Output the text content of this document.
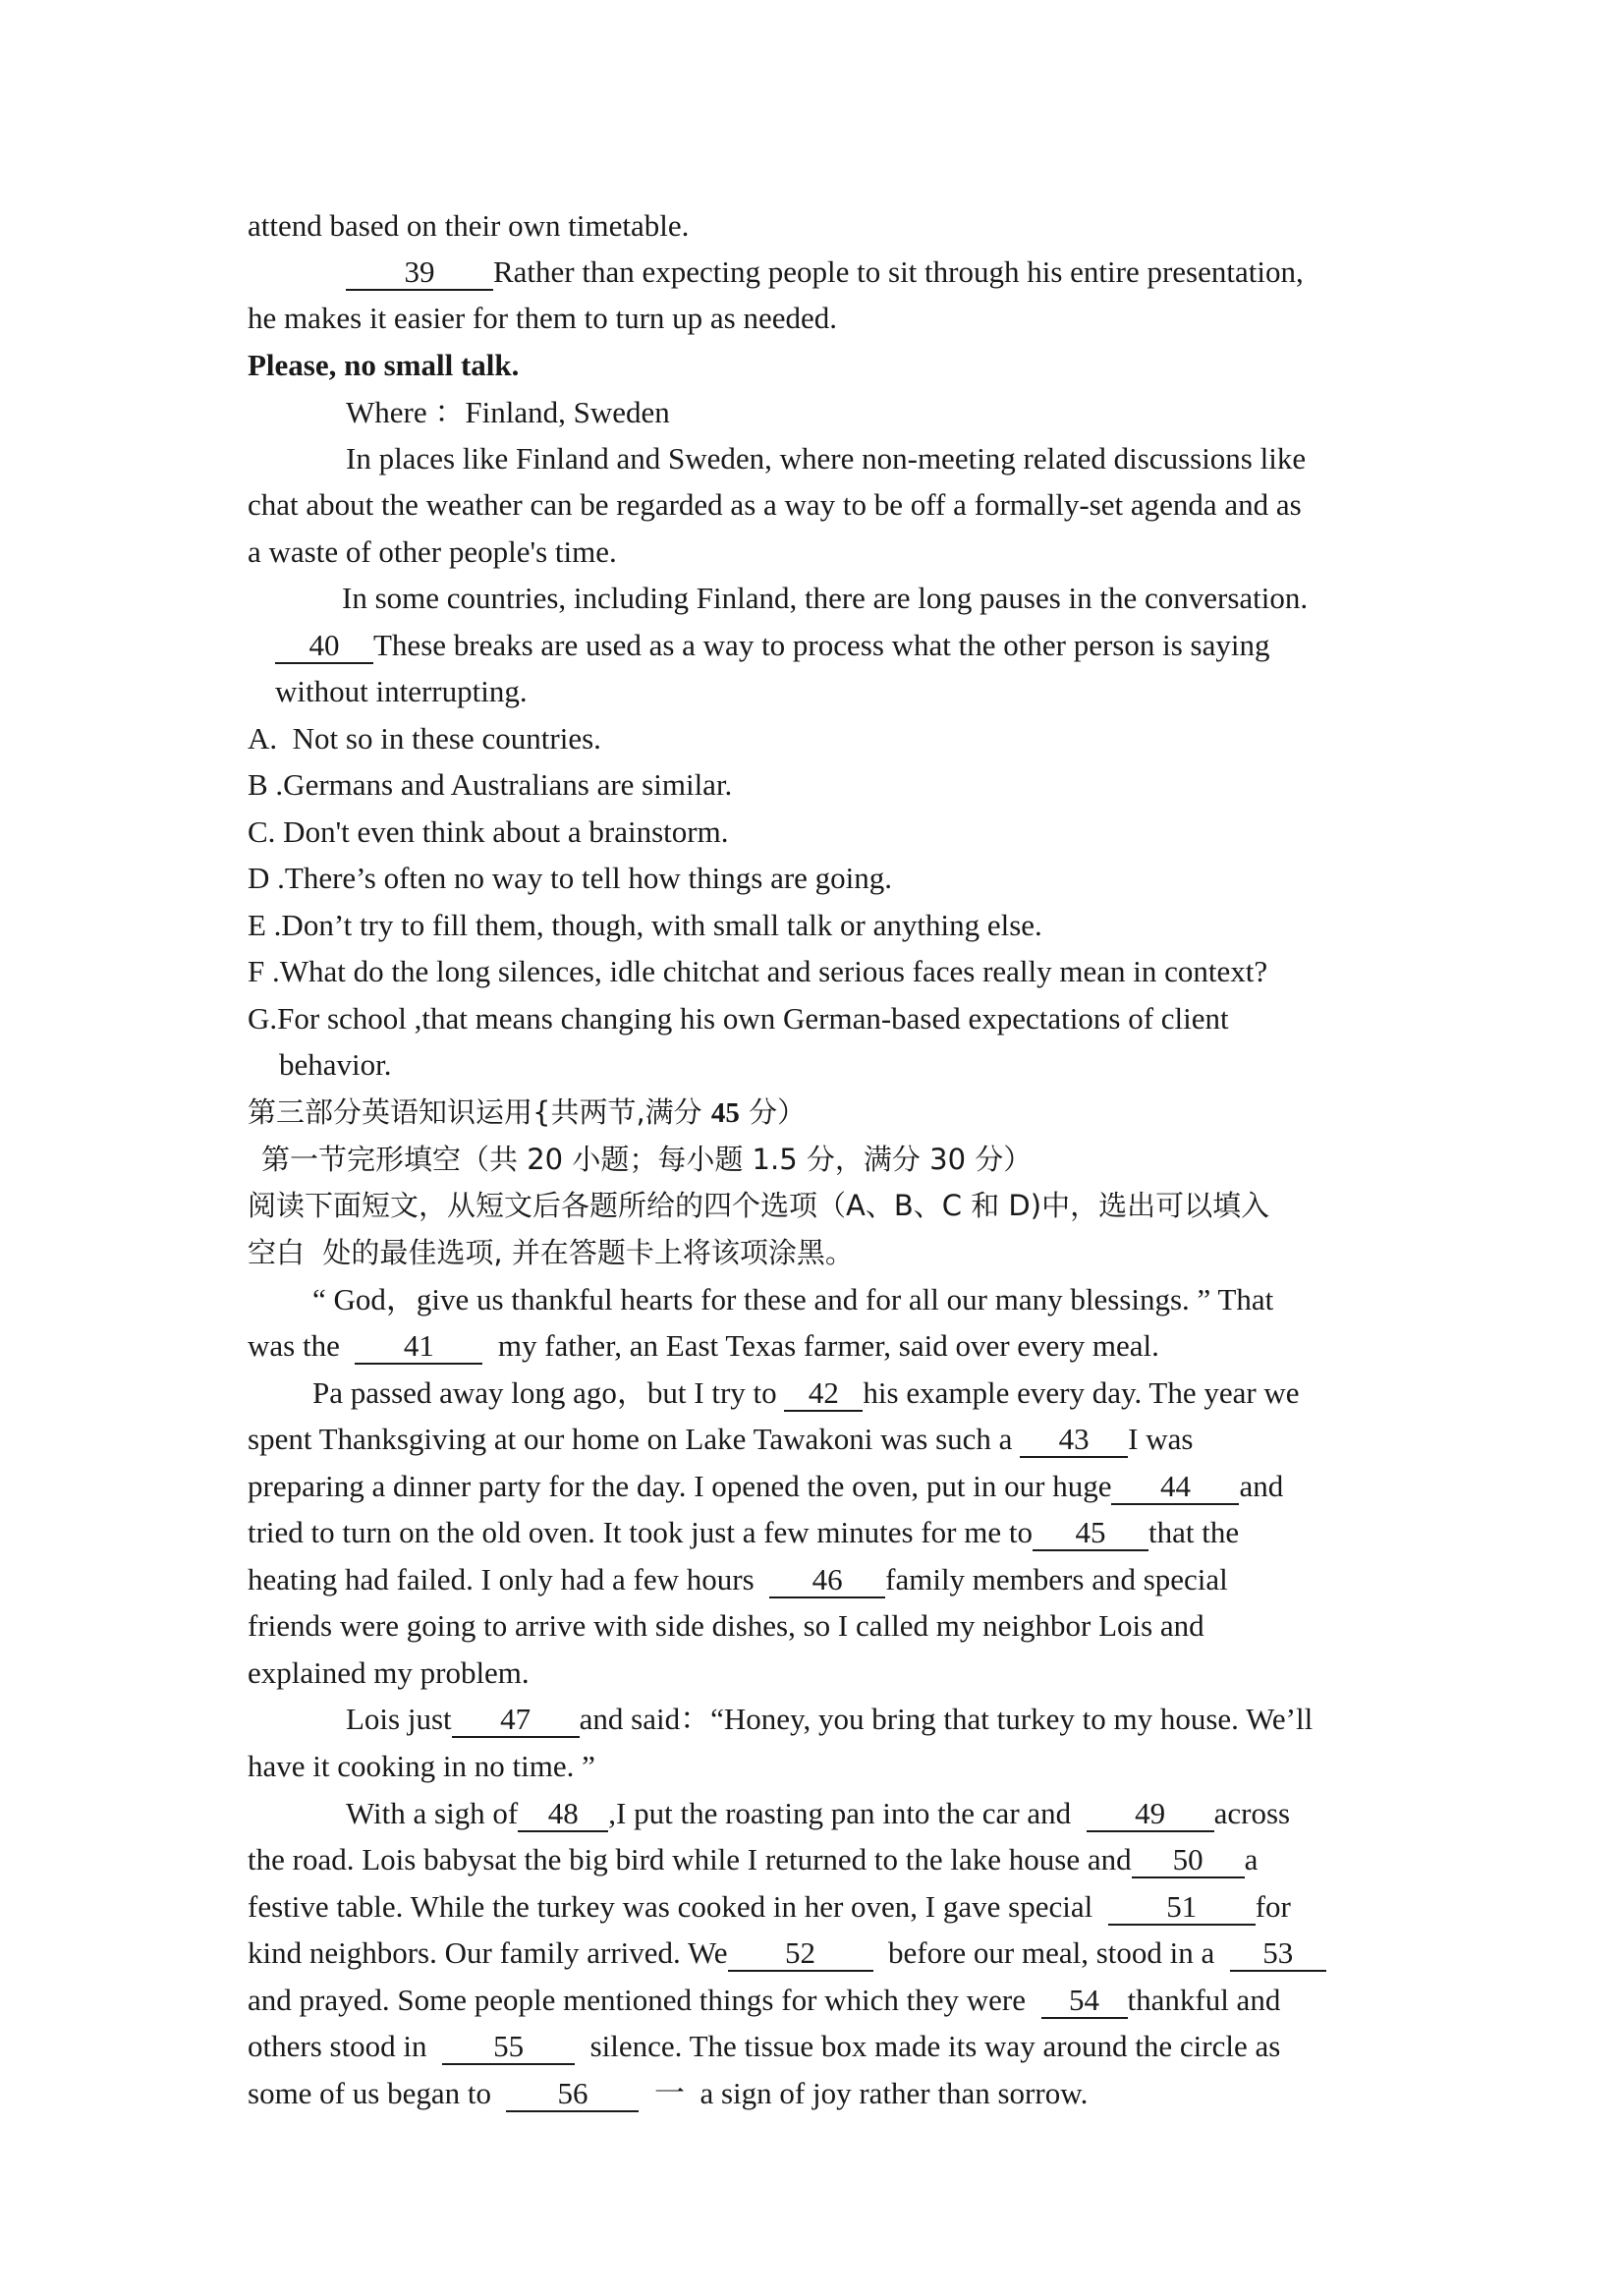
attend based on their own timetable.
39 Rather than expecting people to sit through his entire presentation,
he makes it easier for them to turn up as needed.
Please, no small talk.
Where ：Finland, Sweden
In places like Finland and Sweden, where non-meeting related discussions like
chat about the weather can be regarded as a way to be off a formally-set agenda and as
a waste of other people's time.
In some countries, including Finland, there are long pauses in the conversation.
40 These breaks are used as a way to process what the other person is saying
without interrupting.
A.  Not so in these countries.
B .Germans and Australians are similar.
C. Don't even think about a brainstorm.
D .There’s often no way to tell how things are going.
E .Don’t try to fill them, though, with small talk or anything else.
F .What do the long silences, idle chitchat and serious faces really mean in context?
G.For school ,that means changing his own German-based expectations of client
behavior.
第三部分英语知识运用{共两节,满分 45 分）
第一节完形填空（共 20 小题；每小题 1.5 分，满分 30 分）
阅读下面短文，从短文后各题所给的四个选项（A、B、C 和 D)中，选出可以填入
空白  处的最佳选项, 并在答题卡上将该项涂黑。
“ God，give us thankful hearts for these and for all our many blessings. ” That
was the 41 my father, an East Texas farmer, said over every meal.
Pa passed away long ago，but I try to 42 his example every day. The year we
spent Thanksgiving at our home on Lake Tawakoni was such a 43 I was
preparing a dinner party for the day. I opened the oven, put in our huge 44 and
tried to turn on the old oven. It took just a few minutes for me to 45 that the
heating had failed. I only had a few hours 46 family members and special
friends were going to arrive with side dishes, so I called my neighbor Lois and
explained my problem.
Lois just 47 and said：“Honey, you bring that turkey to my house. We’ll
have it cooking in no time. ”
With a sigh of 48 ,I put the roasting pan into the car and 49 across
the road. Lois babysat the big bird while I returned to the lake house and 50 a
festive table. While the turkey was cooked in her oven, I gave special 51 for
kind neighbors. Our family arrived. We 52 before our meal, stood in a 53
and prayed. Some people mentioned things for which they were 54 thankful and
others stood in 55 silence. The tissue box made its way around the circle as
some of us began to 56 一  a sign of joy rather than sorrow.
